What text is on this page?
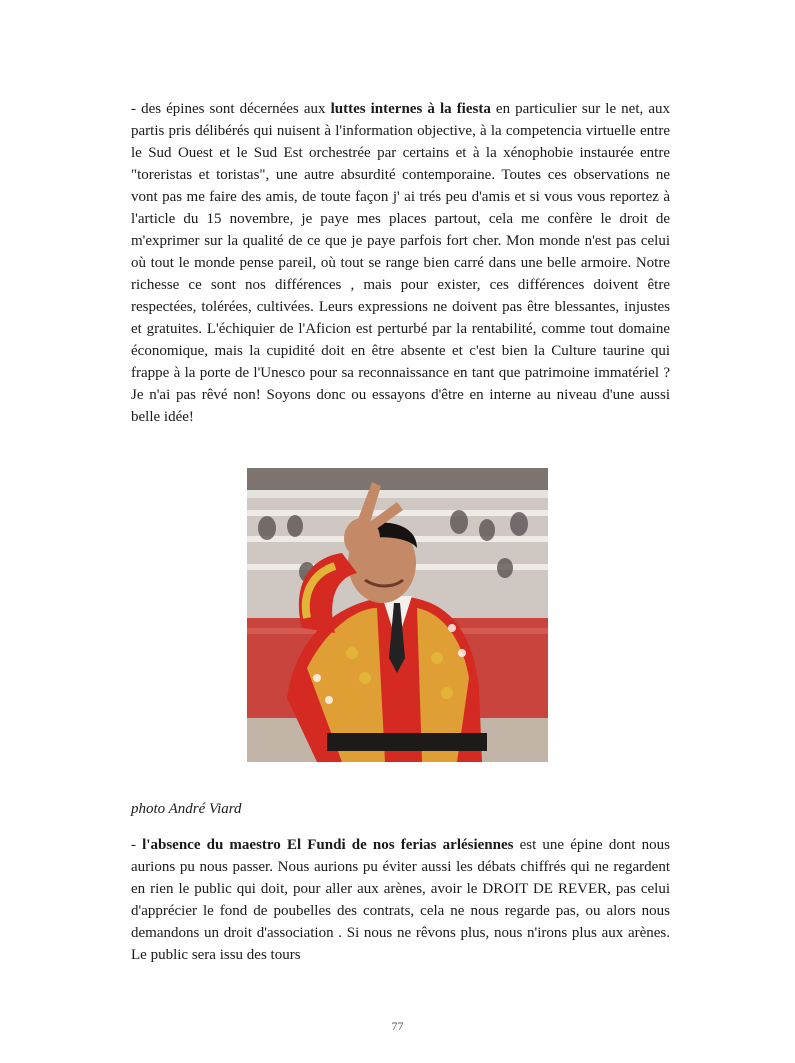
- des épines sont décernées aux luttes internes à la fiesta en particulier sur le net, aux partis pris délibérés qui nuisent à l'information objective, à la competencia virtuelle entre le Sud Ouest et le Sud Est orchestrée par certains et à la xénophobie instaurée entre "toreristas et toristas", une autre absurdité contemporaine. Toutes ces observations ne vont pas me faire des amis, de toute façon j' ai trés peu d'amis et si vous vous reportez à l'article du 15 novembre, je paye mes places partout, cela me confère le droit de m'exprimer sur la qualité de ce que je paye parfois fort cher. Mon monde n'est pas celui où tout le monde pense pareil, où tout se range bien carré dans une belle armoire. Notre richesse ce sont nos différences , mais pour exister, ces différences doivent être respectées, tolérées, cultivées. Leurs expressions ne doivent pas être blessantes, injustes et gratuites. L'échiquier de l'Aficion est perturbé par la rentabilité, comme tout domaine économique, mais la cupidité doit en être absente et c'est bien la Culture taurine qui frappe à la porte de l'Unesco pour sa reconnaissance en tant que patrimoine immatériel ? Je n'ai pas rêvé non! Soyons donc ou essayons d'être en interne au niveau d'une aussi belle idée!

photo André Viard

- l'absence du maestro El Fundi de nos ferias arlésiennes est une épine dont nous aurions pu nous passer. Nous aurions pu éviter aussi les débats chiffrés qui ne regardent en rien le public qui doit, pour aller aux arènes, avoir le DROIT DE REVER, pas celui d'apprécier le fond de poubelles des contrats, cela ne nous regarde pas, ou alors nous demandons un droit d'association . Si nous ne rêvons plus, nous n'irons plus aux arènes. Le public sera issu des tours

77
